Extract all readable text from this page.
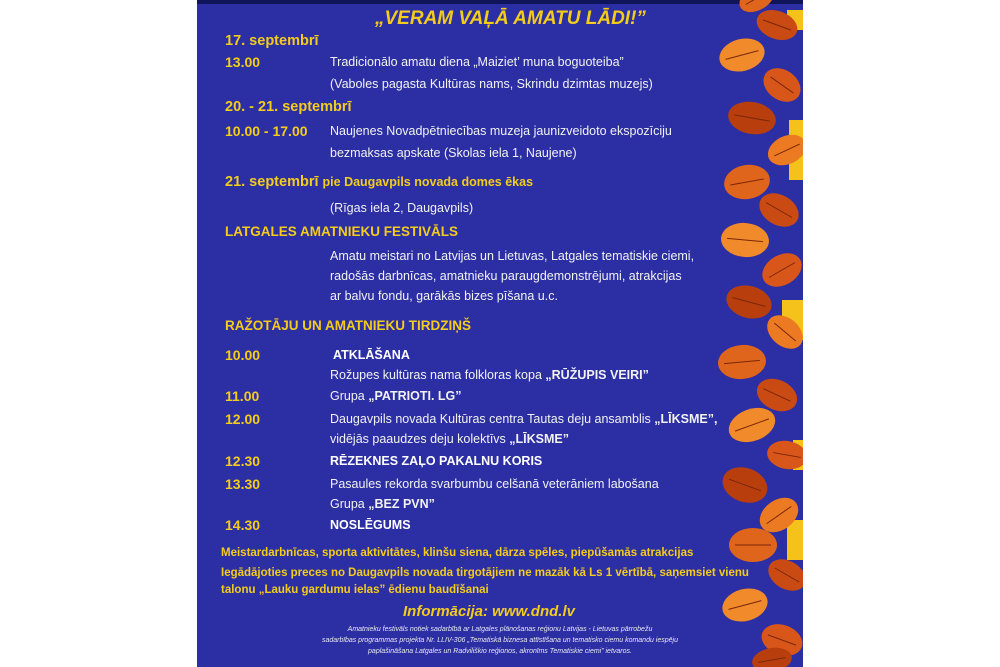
„VERAM VAĻĀ AMATU LĀDI!”
17. septembrī
13.00	Tradicionālo amatu diena „Maiziet’ muna boguoteiba”
(Vaboles pagasta Kultūras nams, Skrindu dzimtas muzejs)
20. - 21. septembrī
10.00 - 17.00 Naujenes Novadpētniecības muzeja jaunizveidoto ekspozīciju
bezmaksas apskate (Skolas iela 1, Naujene)
21. septembrī pie Daugavpils novada domes ēkas
(Rīgas iela 2, Daugavpils)
LATGALES AMATNIEKU FESTIVĀLS
Amatu meistari no Latvijas un Lietuvas, Latgales tematiskie ciemi,
radošās darbnīcas, amatnieku paraugdemonstrējumi, atrakcijas
ar balvu fondu, garākās bizes pīšana u.c.
RAŽOTĀJU UN AMATNIEKU TIRDZIŅŠ
10.00	ATKLĀŠANA
Rožupes kultūras nama folkloras kopa „RŪŽUPIS VEIRI”
11.00	Grupa „PATRIOTI. LG”
12.00	Daugavpils novada Kultūras centra Tautas deju ansamblis „LĪKSME”,
vidējās paaudzes deju kolektīvs „LĪKSME”
12.30	RĒZEKNES ZAĻO PAKALNU KORIS
13.30	Pasaules rekorda svarbumbu celšanā veterāniem labošana
Grupa „BEZ PVN”
14.30	NOSLĒGUMS
Meistardarbnīcas, sporta aktivitātes, klinšu siena, dārza spēles, piepūšamās atrakcijas
Iegādājoties preces no Daugavpils novada tirgotājiem ne mazāk kā Ls 1 vērtībā, saņemsiet vienu
talonu „Lauku gardumu ielas” ēdienu baudīšanai
Informācija: www.dnd.lv
Amatnieku festivāls notiek sadarbībā ar Latgales plānošanas reģionu Latvijas - Lietuvas pārrobežu
sadarbības programmas projekta Nr. LLIV-306 „Tematiskā biznesa attīstīšana un tematisko ciemu komandu iespēju
paplašināšana Latgales un Radviliškio reģionos, akronīms Tematiskie ciemi” ietvaros.
